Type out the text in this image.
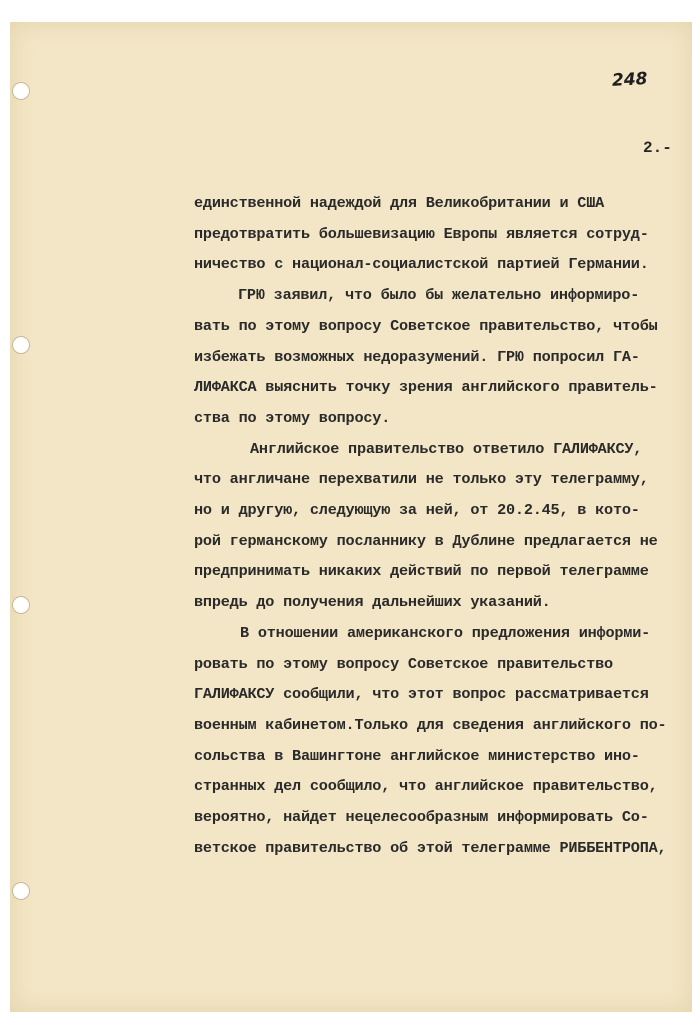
248
2.-
единственной надеждой для Великобритании и США
предотвратить большевизацию Европы является сотруд-
ничество с национал-социалистской партией Германии.
ГРЮ заявил, что было бы желательно информиро-
вать по этому вопросу Советское правительство, чтобы
избежать возможных недоразумений. ГРЮ попросил ГА-
ЛИФАКСА выяснить точку зрения английского правитель-
ства по этому вопросу.
Английское правительство ответило ГАЛИФАКСУ,
что англичане перехватили не только эту телеграмму,
но и другую, следующую за ней, от 20.2.45, в кото-
рой германскому посланнику в Дублине предлагается не
предпринимать никаких действий по первой телеграмме
впредь до получения дальнейших указаний.
В отношении американского предложения информи-
ровать по этому вопросу Советское правительство
ГАЛИФАКСУ сообщили, что этот вопрос рассматривается
военным кабинетом.Только для сведения английского по-
сольства в Вашингтоне английское министерство ино-
странных дел сообщило, что английское правительство,
вероятно, найдет нецелесообразным информировать Со-
ветское правительство об этой телеграмме РИББЕНТРОПА,
